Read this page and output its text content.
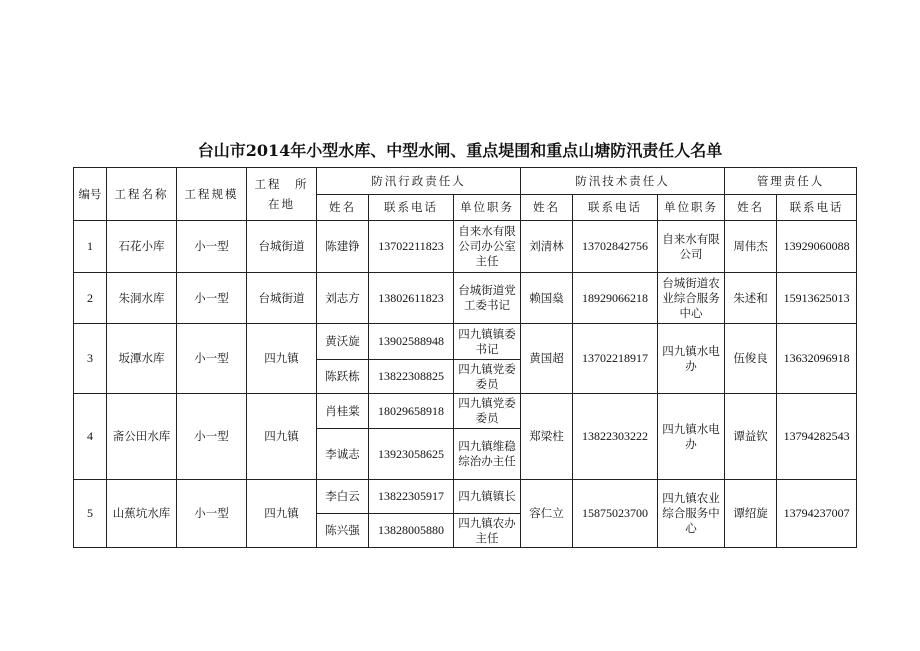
台山市2014年小型水库、中型水闸、重点堤围和重点山塘防汛责任人名单
编号	工程名称	工程规模	工程　所在地	防汛行政责任人			防汛技术责任人			管理责任人	
				姓名	联系电话	单位职务	姓名	联系电话	单位职务	姓名	联系电话
1	石花小库	小一型	台城街道	陈建铮	13702211823	自来水有限公司办公室主任	刘清林	13702842756	自来水有限公司	周伟杰	13929060088
2	朱洞水库	小一型	台城街道	刘志方	13802611823	台城街道党工委书记	赖国燊	18929066218	台城街道农业综合服务中心	朱述和	15913625013
3	坂潭水库	小一型	四九镇	黄沃旋	13902588948	四九镇镇委书记	黄国超	13702218917	四九镇水电办	伍俊良	13632096918
				陈跃栋	13822308825	四九镇党委委员					
4	斋公田水库	小一型	四九镇	肖桂棠	18029658918	四九镇党委委员	郑梁柱	13822303222	四九镇水电办	谭益钦	13794282543
				李诚志	13923058625	四九镇维稳综治办主任					
5	山蕉坑水库	小一型	四九镇	李白云	13822305917	四九镇镇长	容仁立	15875023700	四九镇农业综合服务中心	谭绍旋	13794237007
				陈兴强	13828005880	四九镇农办主任					
